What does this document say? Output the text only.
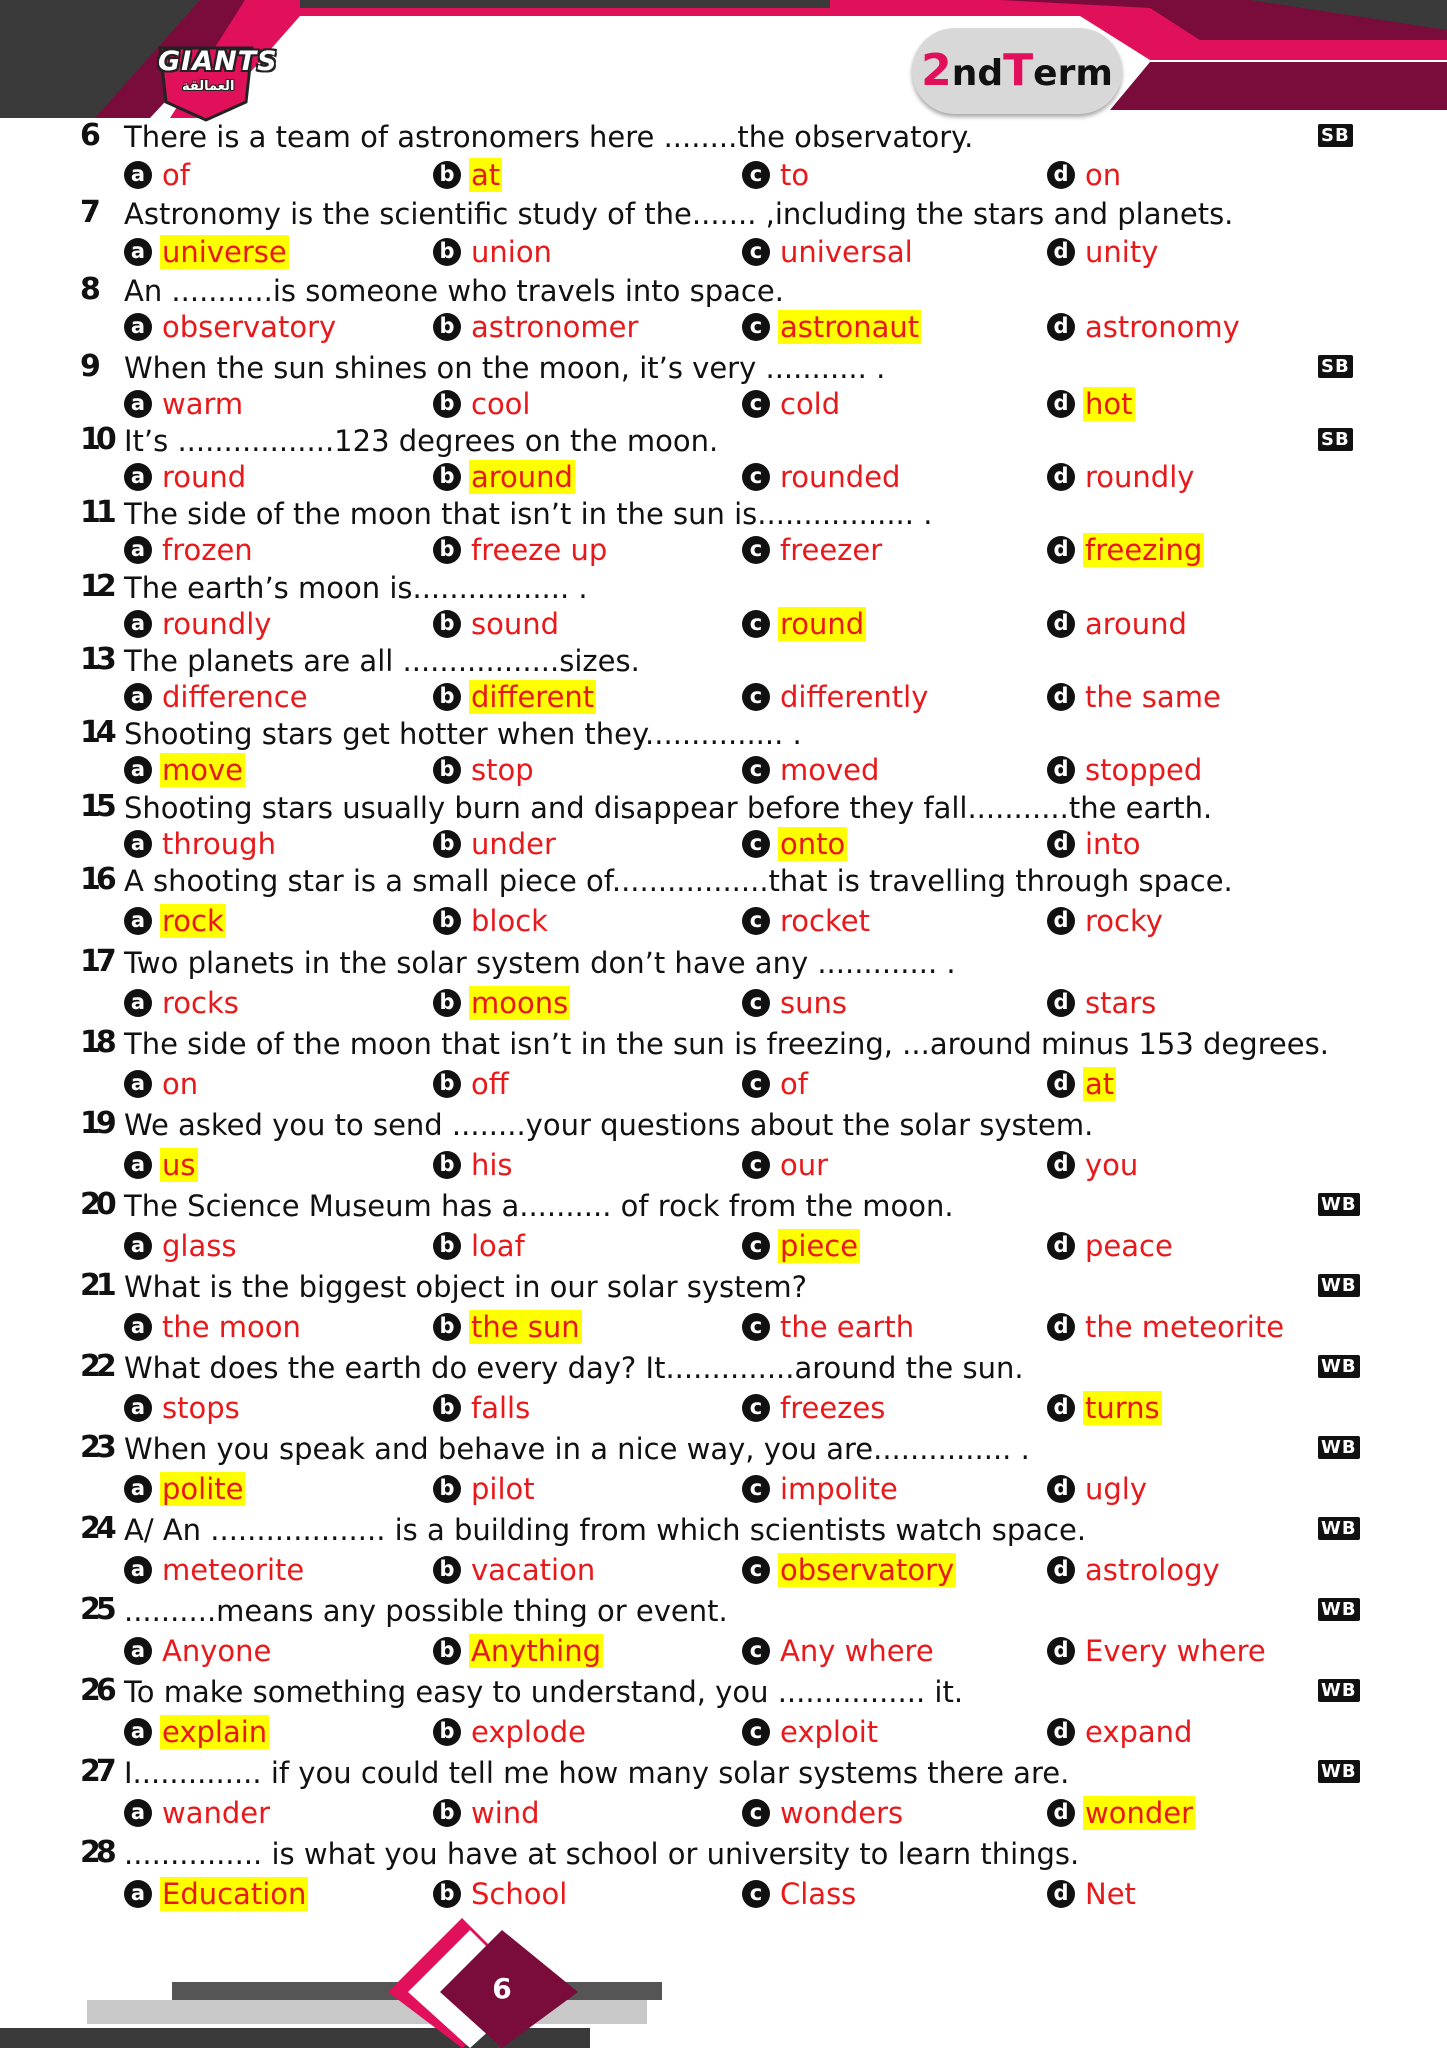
GIANTS
العمالقة	2ndTerm
6 There is a team of astronomers here ........the observatory.	SB
a of	b at	c to	d on
7 Astronomy is the scientific study of the....... ,including the stars and planets.
a universe	b union	c universal	d unity
8 An ...........is someone who travels into space.
a observatory	b astronomer	c astronaut	d astronomy
9 When the sun shines on the moon, it’s very ........... .	SB
a warm	b cool	c cold	d hot
10 It’s .................123 degrees on the moon.	SB
a round	b around	c rounded	d roundly
11 The side of the moon that isn’t in the sun is................. .
a frozen	b freeze up	c freezer	d freezing
12 The earth’s moon is................. .
a roundly	b sound	c round	d around
13 The planets are all .................sizes.
a difference	b different	c differently	d the same
14 Shooting stars get hotter when they............... .
a move	b stop	c moved	d stopped
15 Shooting stars usually burn and disappear before they fall...........the earth.
a through	b under	c onto	d into
16 A shooting star is a small piece of.................that is travelling through space.
a rock	b block	c rocket	d rocky
17 Two planets in the solar system don’t have any ............. .
a rocks	b moons	c suns	d stars
18 The side of the moon that isn’t in the sun is freezing, ...around minus 153 degrees.
a on	b off	c of	d at
19 We asked you to send ........your questions about the solar system.
a us	b his	c our	d you
20 The Science Museum has a.......... of rock from the moon.	WB
a glass	b loaf	c piece	d peace
21 What is the biggest object in our solar system?	WB
a the moon	b the sun	c the earth	d the meteorite
22 What does the earth do every day? It..............around the sun.	WB
a stops	b falls	c freezes	d turns
23 When you speak and behave in a nice way, you are............... .	WB
a polite	b pilot	c impolite	d ugly
24 A/ An ................... is a building from which scientists watch space.	WB
a meteorite	b vacation	c observatory	d astrology
25 ..........means any possible thing or event.	WB
a Anyone	b Anything	c Any where	d Every where
26 To make something easy to understand, you ................ it.	WB
a explain	b explode	c exploit	d expand
27 I.............. if you could tell me how many solar systems there are.	WB
a wander	b wind	c wonders	d wonder
28 ............... is what you have at school or university to learn things.
a Education	b School	c Class	d Net
6
